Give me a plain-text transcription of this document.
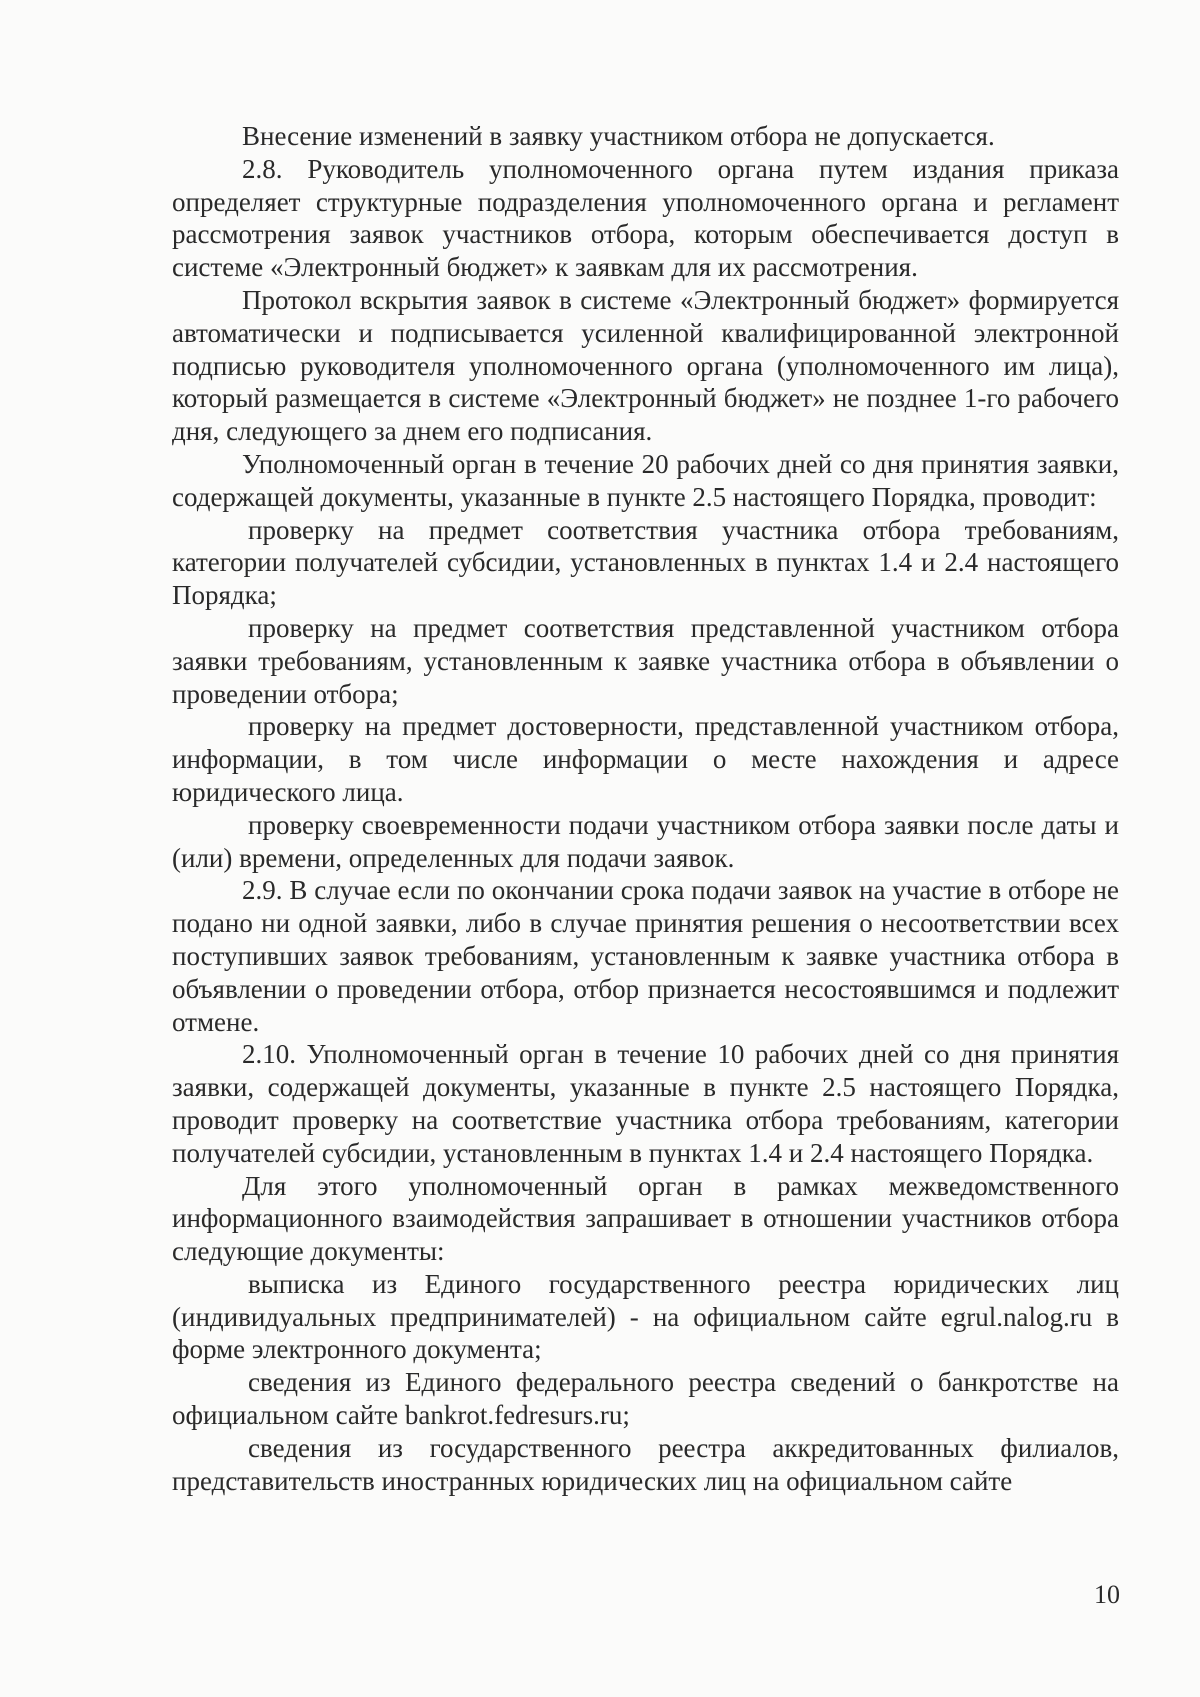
Внесение изменений в заявку участником отбора не допускается.

2.8. Руководитель уполномоченного органа путем издания приказа определяет структурные подразделения уполномоченного органа и регламент рассмотрения заявок участников отбора, которым обеспечивается доступ в системе «Электронный бюджет» к заявкам для их рассмотрения.

Протокол вскрытия заявок в системе «Электронный бюджет» формируется автоматически и подписывается усиленной квалифицированной электронной подписью руководителя уполномоченного органа (уполномоченного им лица), который размещается в системе «Электронный бюджет» не позднее 1-го рабочего дня, следующего за днем его подписания.

Уполномоченный орган в течение 20 рабочих дней со дня принятия заявки, содержащей документы, указанные в пункте 2.5 настоящего Порядка, проводит:

проверку на предмет соответствия участника отбора требованиям, категории получателей субсидии, установленных в пунктах 1.4 и 2.4 настоящего Порядка;

проверку на предмет соответствия представленной участником отбора заявки требованиям, установленным к заявке участника отбора в объявлении о проведении отбора;

проверку на предмет достоверности, представленной участником отбора, информации, в том числе информации о месте нахождения и адресе юридического лица.

проверку своевременности подачи участником отбора заявки после даты и (или) времени, определенных для подачи заявок.

2.9. В случае если по окончании срока подачи заявок на участие в отборе не подано ни одной заявки, либо в случае принятия решения о несоответствии всех поступивших заявок требованиям, установленным к заявке участника отбора в объявлении о проведении отбора, отбор признается несостоявшимся и подлежит отмене.

2.10. Уполномоченный орган в течение 10 рабочих дней со дня принятия заявки, содержащей документы, указанные в пункте 2.5 настоящего Порядка, проводит проверку на соответствие участника отбора требованиям, категории получателей субсидии, установленным в пунктах 1.4 и 2.4 настоящего Порядка.

Для этого уполномоченный орган в рамках межведомственного информационного взаимодействия запрашивает в отношении участников отбора следующие документы:

выписка из Единого государственного реестра юридических лиц (индивидуальных предпринимателей) - на официальном сайте egrul.nalog.ru в форме электронного документа;

сведения из Единого федерального реестра сведений о банкротстве на официальном сайте bankrot.fedresurs.ru;

сведения из государственного реестра аккредитованных филиалов, представительств иностранных юридических лиц на официальном сайте

10
